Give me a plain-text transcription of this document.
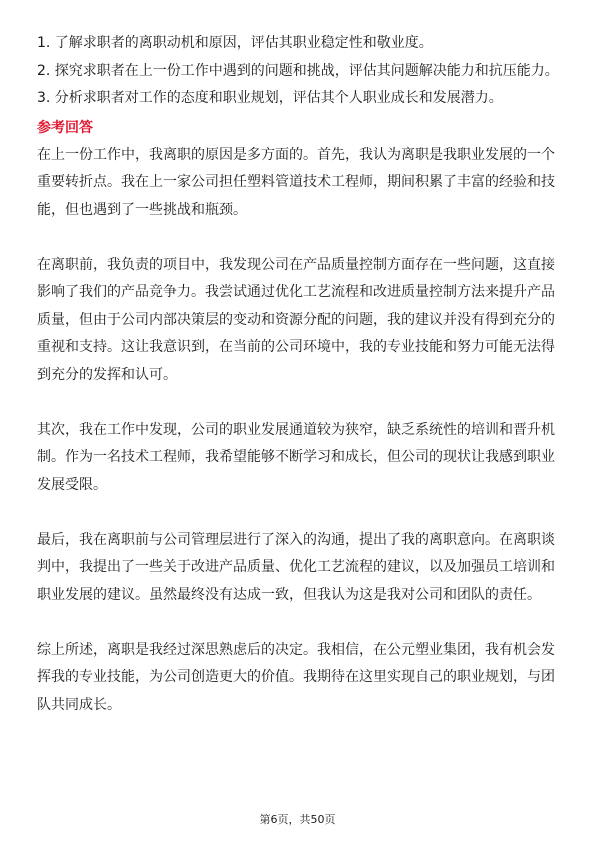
1. 了解求职者的离职动机和原因，评估其职业稳定性和敬业度。

2. 探究求职者在上一份工作中遇到的问题和挑战，评估其问题解决能力和抗压能力。

3. 分析求职者对工作的态度和职业规划，评估其个人职业成长和发展潜力。

参考回答

在上一份工作中，我离职的原因是多方面的。首先，我认为离职是我职业发展的一个重要转折点。我在上一家公司担任塑料管道技术工程师，期间积累了丰富的经验和技能，但也遇到了一些挑战和瓶颈。

在离职前，我负责的项目中，我发现公司在产品质量控制方面存在一些问题，这直接影响了我们的产品竞争力。我尝试通过优化工艺流程和改进质量控制方法来提升产品质量，但由于公司内部决策层的变动和资源分配的问题，我的建议并没有得到充分的重视和支持。这让我意识到，在当前的公司环境中，我的专业技能和努力可能无法得到充分的发挥和认可。

其次，我在工作中发现，公司的职业发展通道较为狭窄，缺乏系统性的培训和晋升机制。作为一名技术工程师，我希望能够不断学习和成长，但公司的现状让我感到职业发展受限。

最后，我在离职前与公司管理层进行了深入的沟通，提出了我的离职意向。在离职谈判中，我提出了一些关于改进产品质量、优化工艺流程的建议，以及加强员工培训和职业发展的建议。虽然最终没有达成一致，但我认为这是我对公司和团队的责任。

综上所述，离职是我经过深思熟虑后的决定。我相信，在公元塑业集团，我有机会发挥我的专业技能，为公司创造更大的价值。我期待在这里实现自己的职业规划，与团队共同成长。

第6页，共50页
